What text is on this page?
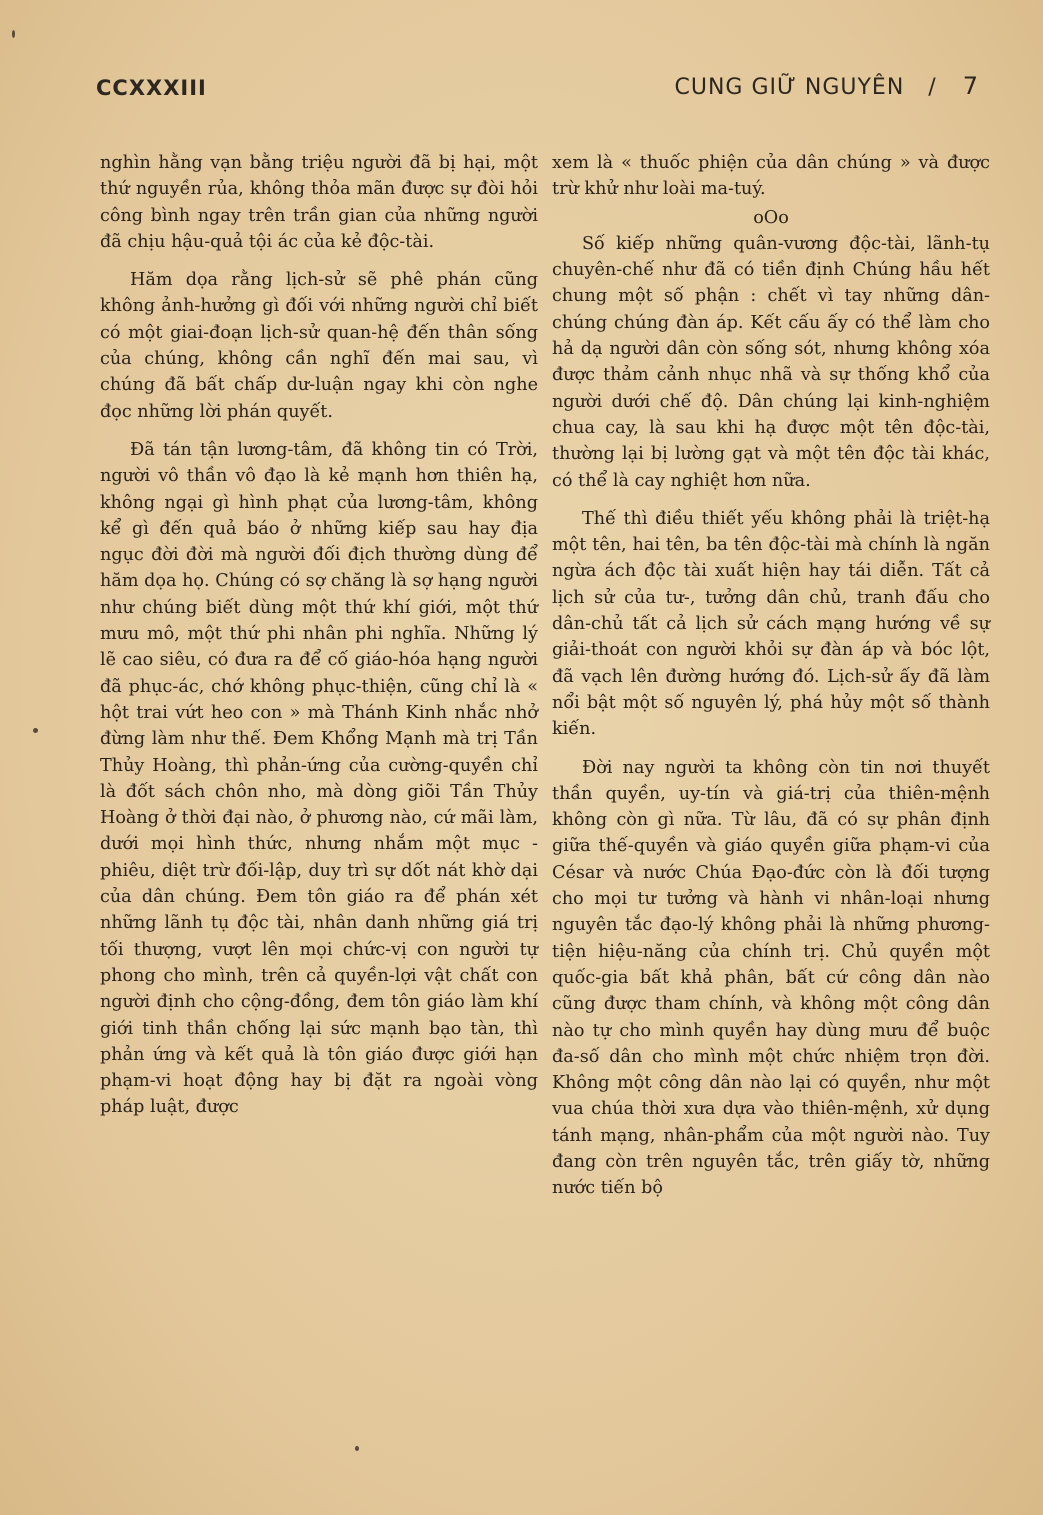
CCXXXIII	CUNG GIỮ NGUYÊN / 7

nghìn hằng vạn bằng triệu người đã bị hại, một thứ nguyền rủa, không thỏa mãn được sự đòi hỏi công bình ngay trên trần gian của những người đã chịu hậu-quả tội ác của kẻ độc-tài.

Hăm dọa rằng lịch-sử sẽ phê phán cũng không ảnh-hưởng gì đối với những người chỉ biết có một giai-đoạn lịch-sử quan-hệ đến thân sống của chúng, không cần nghĩ đến mai sau, vì chúng đã bất chấp dư-luận ngay khi còn nghe đọc những lời phán quyết.

Đã tán tận lương-tâm, đã không tin có Trời, người vô thần vô đạo là kẻ mạnh hơn thiên hạ, không ngại gì hình phạt của lương-tâm, không kể gì đến quả báo ở những kiếp sau hay địa ngục đời đời mà người đối địch thường dùng để hăm dọa họ. Chúng có sợ chăng là sợ hạng người như chúng biết dùng một thứ khí giới, một thứ mưu mô, một thứ phi nhân phi nghĩa. Những lý lẽ cao siêu, có đưa ra để cố giáo-hóa hạng người đã phục-ác, chớ không phục-thiện, cũng chỉ là « hột trai vứt heo con » mà Thánh Kinh nhắc nhở đừng làm như thế. Đem Khổng Mạnh mà trị Tần Thủy Hoàng, thì phản-ứng của cường-quyền chỉ là đốt sách chôn nho, mà dòng giõi Tần Thủy Hoàng ở thời đại nào, ở phương nào, cứ mãi làm, dưới mọi hình thức, nhưng nhắm một mục - phiêu, diệt trừ đối-lập, duy trì sự dốt nát khờ dại của dân chúng. Đem tôn giáo ra để phán xét những lãnh tụ độc tài, nhân danh những giá trị tối thượng, vượt lên mọi chức-vị con người tự phong cho mình, trên cả quyền-lợi vật chất con người định cho cộng-đồng, đem tôn giáo làm khí giới tinh thần chống lại sức mạnh bạo tàn, thì phản ứng và kết quả là tôn giáo được giới hạn phạm-vi hoạt động hay bị đặt ra ngoài vòng pháp luật, được

xem là « thuốc phiện của dân chúng » và được trừ khử như loài ma-tuý.

oOo

Số kiếp những quân-vương độc-tài, lãnh-tụ chuyên-chế như đã có tiền định Chúng hầu hết chung một số phận : chết vì tay những dân-chúng chúng đàn áp. Kết cấu ấy có thể làm cho hả dạ người dân còn sống sót, nhưng không xóa được thảm cảnh nhục nhã và sự thống khổ của người dưới chế độ. Dân chúng lại kinh-nghiệm chua cay, là sau khi hạ được một tên độc-tài, thường lại bị lường gạt và một tên độc tài khác, có thể là cay nghiệt hơn nữa.

Thế thì điều thiết yếu không phải là triệt-hạ một tên, hai tên, ba tên độc-tài mà chính là ngăn ngừa ách độc tài xuất hiện hay tái diễn. Tất cả lịch sử của tư-, tưởng dân chủ, tranh đấu cho dân-chủ tất cả lịch sử cách mạng hướng về sự giải-thoát con người khỏi sự đàn áp và bóc lột, đã vạch lên đường hướng đó. Lịch-sử ấy đã làm nổi bật một số nguyên lý, phá hủy một số thành kiến.

Đời nay người ta không còn tin nơi thuyết thần quyền, uy-tín và giá-trị của thiên-mệnh không còn gì nữa. Từ lâu, đã có sự phân định giữa thế-quyền và giáo quyền giữa phạm-vi của César và nước Chúa Đạo-đức còn là đối tượng cho mọi tư tưởng và hành vi nhân-loại nhưng nguyên tắc đạo-lý không phải là những phương-tiện hiệu-năng của chính trị. Chủ quyền một quốc-gia bất khả phân, bất cứ công dân nào cũng được tham chính, và không một công dân nào tự cho mình quyền hay dùng mưu để buộc đa-số dân cho mình một chức nhiệm trọn đời. Không một công dân nào lại có quyền, như một vua chúa thời xưa dựa vào thiên-mệnh, xử dụng tánh mạng, nhân-phẩm của một người nào. Tuy đang còn trên nguyên tắc, trên giấy tờ, những nước tiến bộ
